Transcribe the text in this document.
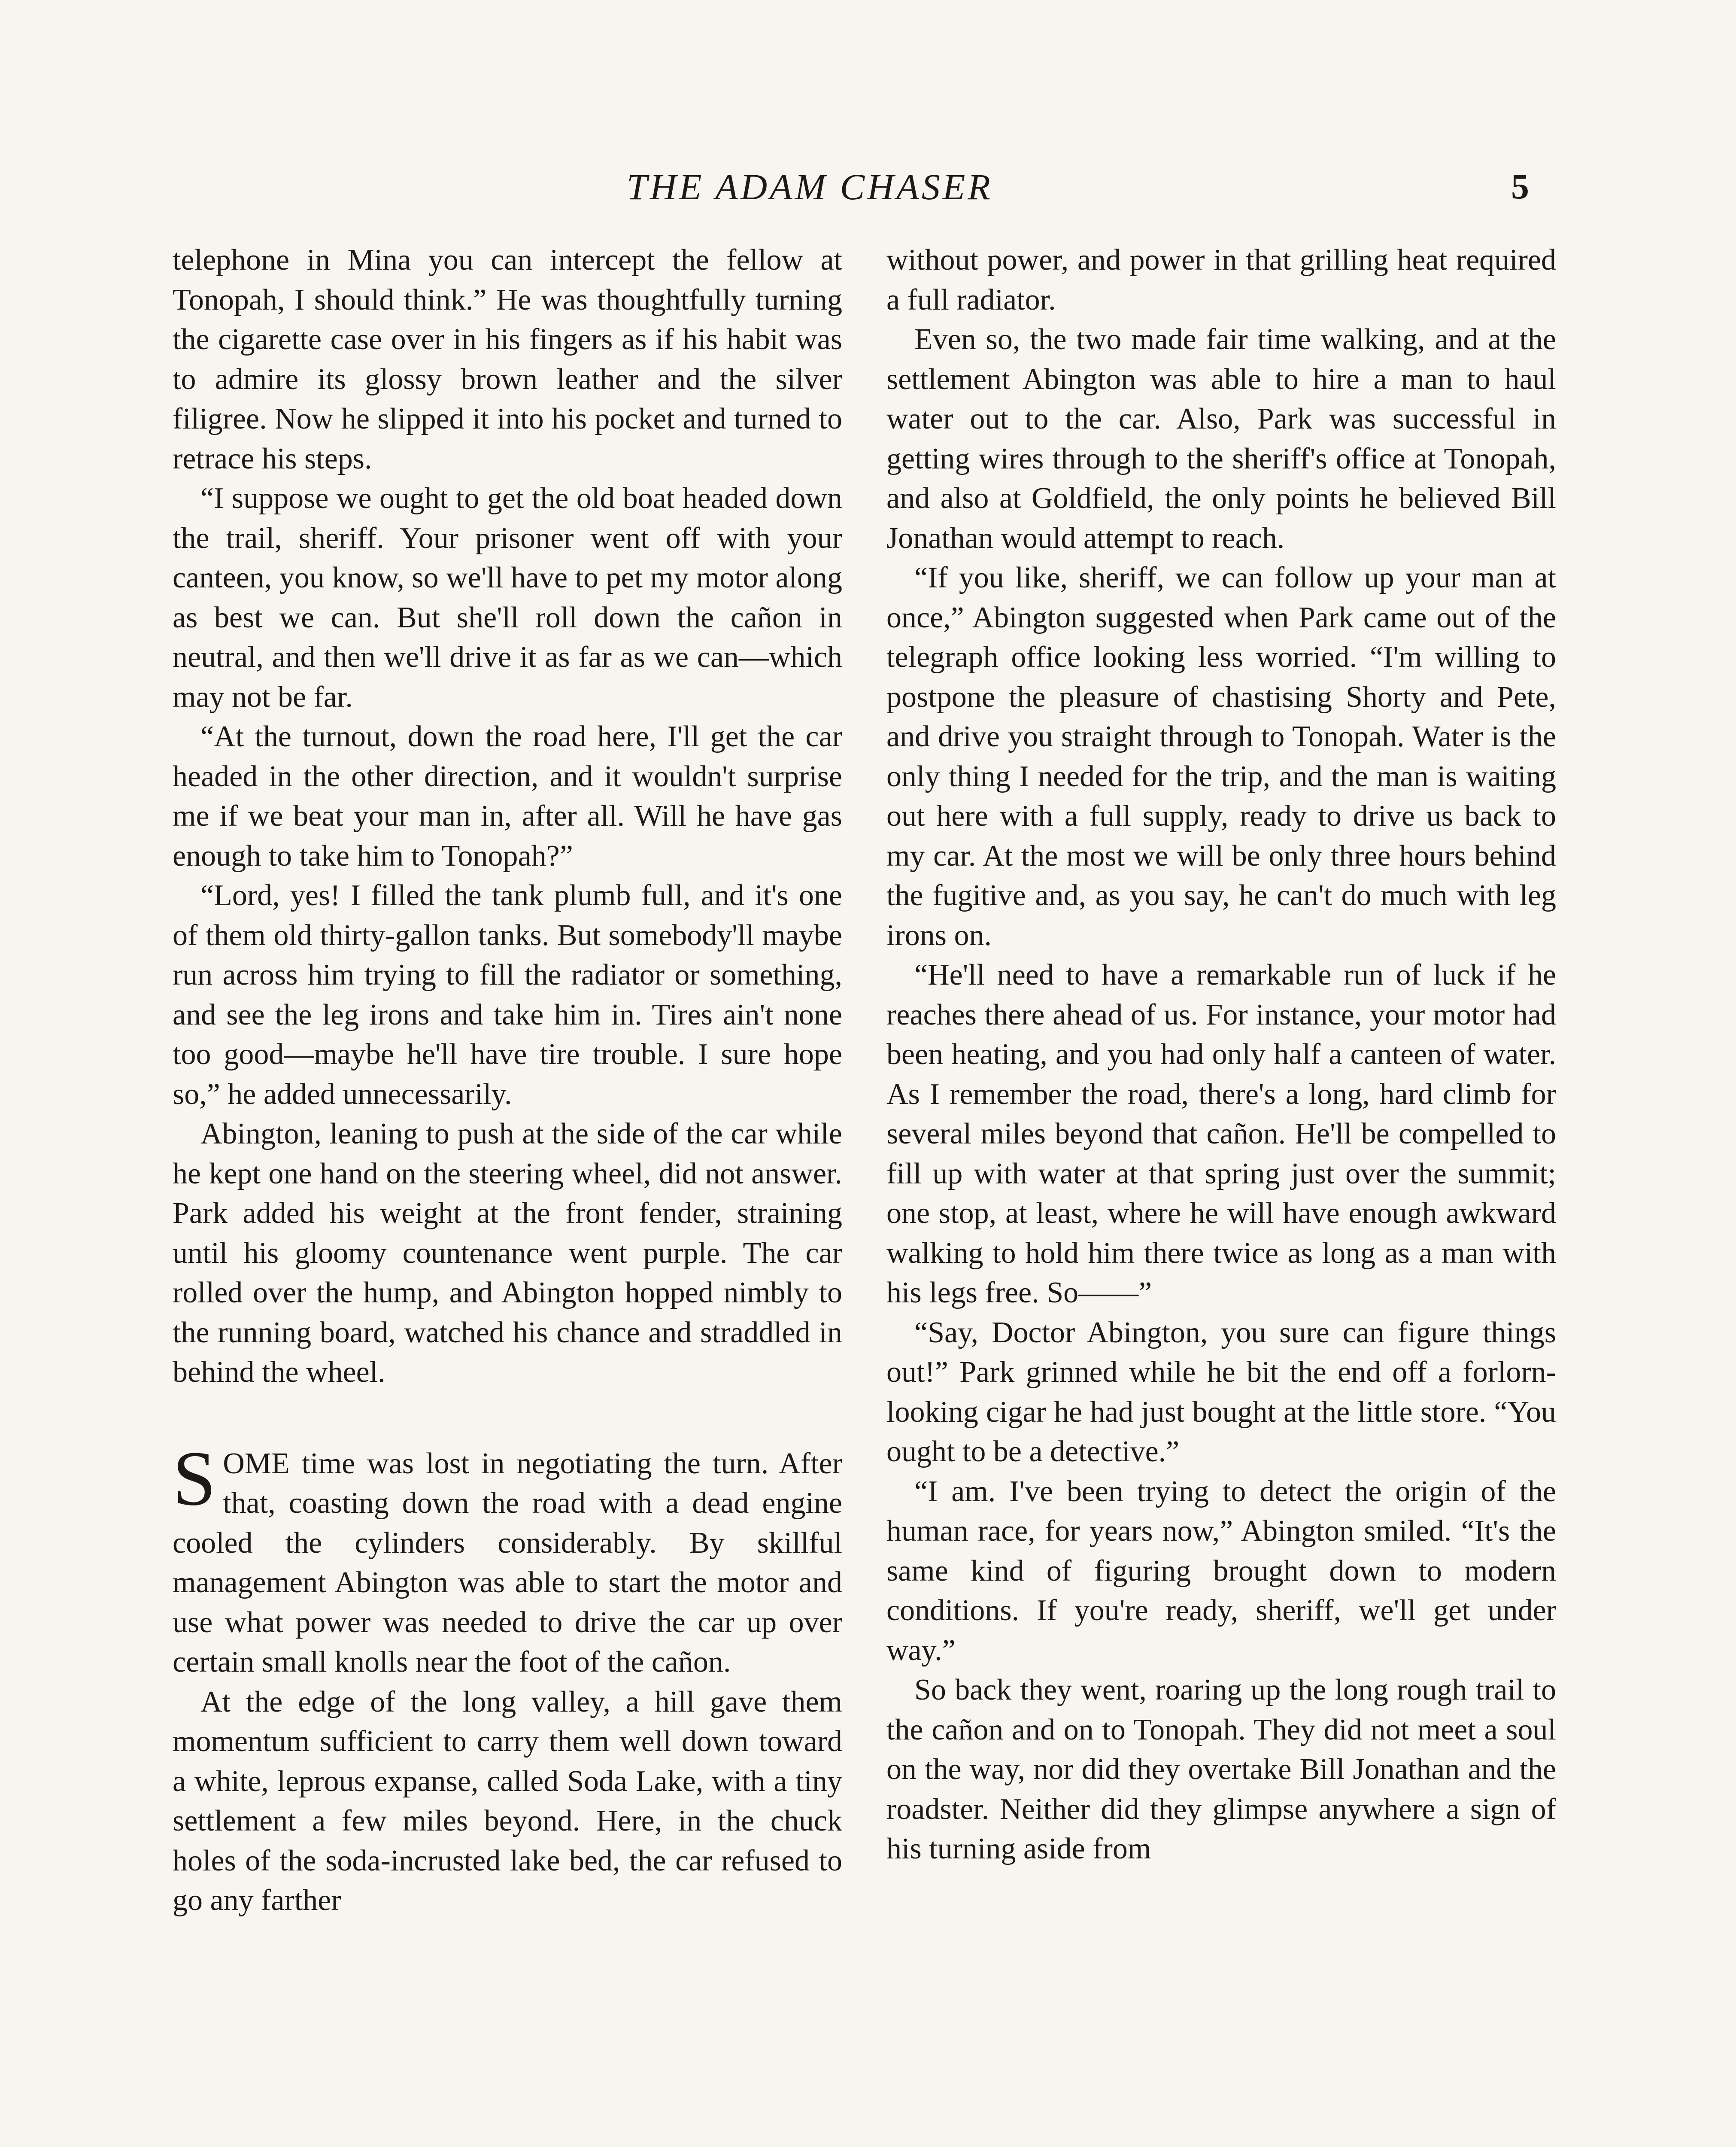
THE ADAM CHASER	5

telephone in Mina you can intercept the fellow at Tonopah, I should think.” He was thoughtfully turning the cigarette case over in his fingers as if his habit was to admire its glossy brown leather and the silver filigree. Now he slipped it into his pocket and turned to retrace his steps.

“I suppose we ought to get the old boat headed down the trail, sheriff. Your prisoner went off with your canteen, you know, so we'll have to pet my motor along as best we can. But she'll roll down the cañon in neutral, and then we'll drive it as far as we can—which may not be far.

“At the turnout, down the road here, I'll get the car headed in the other direction, and it wouldn't surprise me if we beat your man in, after all. Will he have gas enough to take him to Tonopah?”

“Lord, yes! I filled the tank plumb full, and it's one of them old thirty-gallon tanks. But somebody'll maybe run across him trying to fill the radiator or something, and see the leg irons and take him in. Tires ain't none too good—maybe he'll have tire trouble. I sure hope so,” he added unnecessarily.

Abington, leaning to push at the side of the car while he kept one hand on the steering wheel, did not answer. Park added his weight at the front fender, straining until his gloomy countenance went purple. The car rolled over the hump, and Abington hopped nimbly to the running board, watched his chance and straddled in behind the wheel.

SOME time was lost in negotiating the turn. After that, coasting down the road with a dead engine cooled the cylinders considerably. By skillful management Abington was able to start the motor and use what power was needed to drive the car up over certain small knolls near the foot of the cañon.

At the edge of the long valley, a hill gave them momentum sufficient to carry them well down toward a white, leprous expanse, called Soda Lake, with a tiny settlement a few miles beyond. Here, in the chuck holes of the soda-incrusted lake bed, the car refused to go any farther

without power, and power in that grilling heat required a full radiator.

Even so, the two made fair time walking, and at the settlement Abington was able to hire a man to haul water out to the car. Also, Park was successful in getting wires through to the sheriff's office at Tonopah, and also at Goldfield, the only points he believed Bill Jonathan would attempt to reach.

“If you like, sheriff, we can follow up your man at once,” Abington suggested when Park came out of the telegraph office looking less worried. “I'm willing to postpone the pleasure of chastising Shorty and Pete, and drive you straight through to Tonopah. Water is the only thing I needed for the trip, and the man is waiting out here with a full supply, ready to drive us back to my car. At the most we will be only three hours behind the fugitive and, as you say, he can't do much with leg irons on.

“He'll need to have a remarkable run of luck if he reaches there ahead of us. For instance, your motor had been heating, and you had only half a canteen of water. As I remember the road, there's a long, hard climb for several miles beyond that cañon. He'll be compelled to fill up with water at that spring just over the summit; one stop, at least, where he will have enough awkward walking to hold him there twice as long as a man with his legs free. So——”

“Say, Doctor Abington, you sure can figure things out!” Park grinned while he bit the end off a forlorn-looking cigar he had just bought at the little store. “You ought to be a detective.”

“I am. I've been trying to detect the origin of the human race, for years now,” Abington smiled. “It's the same kind of figuring brought down to modern conditions. If you're ready, sheriff, we'll get under way.”

So back they went, roaring up the long rough trail to the cañon and on to Tonopah. They did not meet a soul on the way, nor did they overtake Bill Jonathan and the roadster. Neither did they glimpse anywhere a sign of his turning aside from
